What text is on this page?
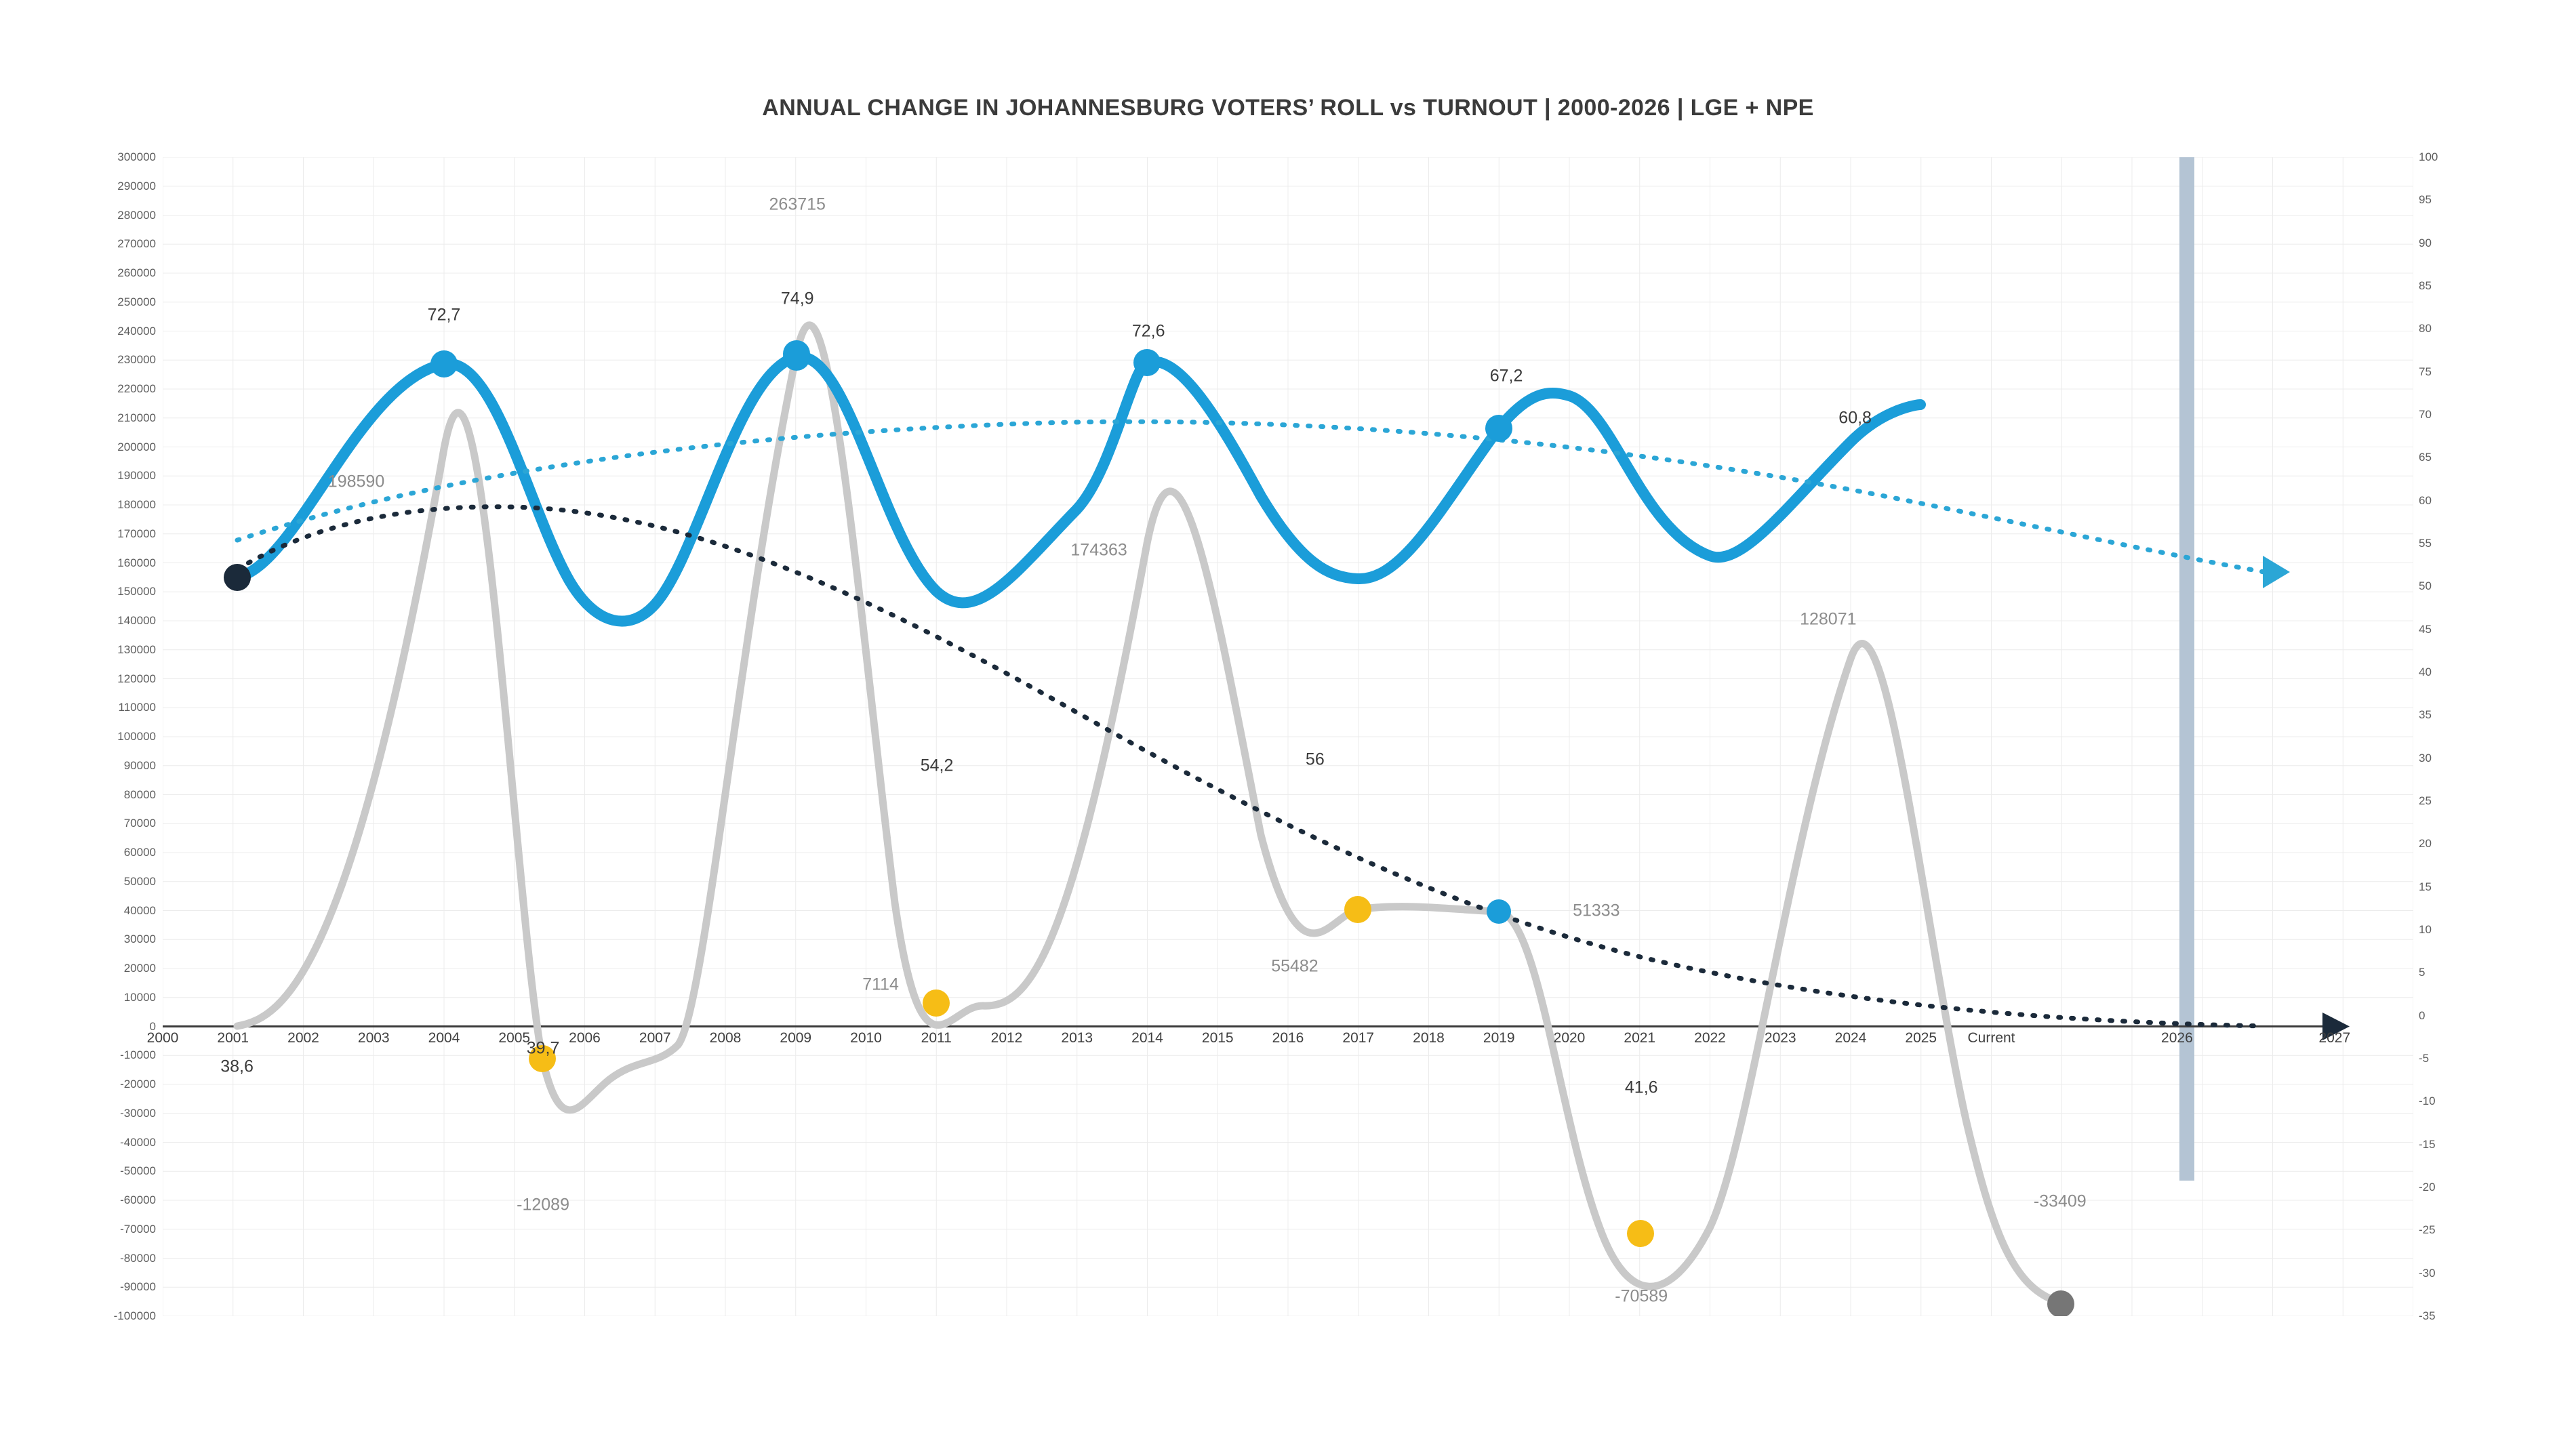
ANNUAL CHANGE IN JOHANNESBURG VOTERS’ ROLL vs TURNOUT | 2000-2026 | LGE + NPE
300000
290000
280000
270000
260000
250000
240000
230000
220000
210000
200000
190000
180000
170000
160000
150000
140000
130000
120000
110000
100000
90000
80000
70000
60000
50000
40000
30000
20000
10000
0
-10000
-20000
-30000
-40000
-50000
-60000
-70000
-80000
-90000
-100000
100
95
90
85
80
75
70
65
60
55
50
45
40
35
30
25
20
15
10
5
0
-5
-10
-15
-20
-25
-30
-35
38,6
72,7
198590
39,7
-12089
74,9
263715
54,2
7114
72,6
174363
56
55482
67,2
51333
41,6
-70589
60,8
128071
-33409
2000	2001	2002	2003	2004	2005	2006	2007	2008	2009	2010	2011	2012	2013	2014	2015	2016	2017	2018	2019	2020	2021	2022	2023	2024	2025 Current	2026	2027
